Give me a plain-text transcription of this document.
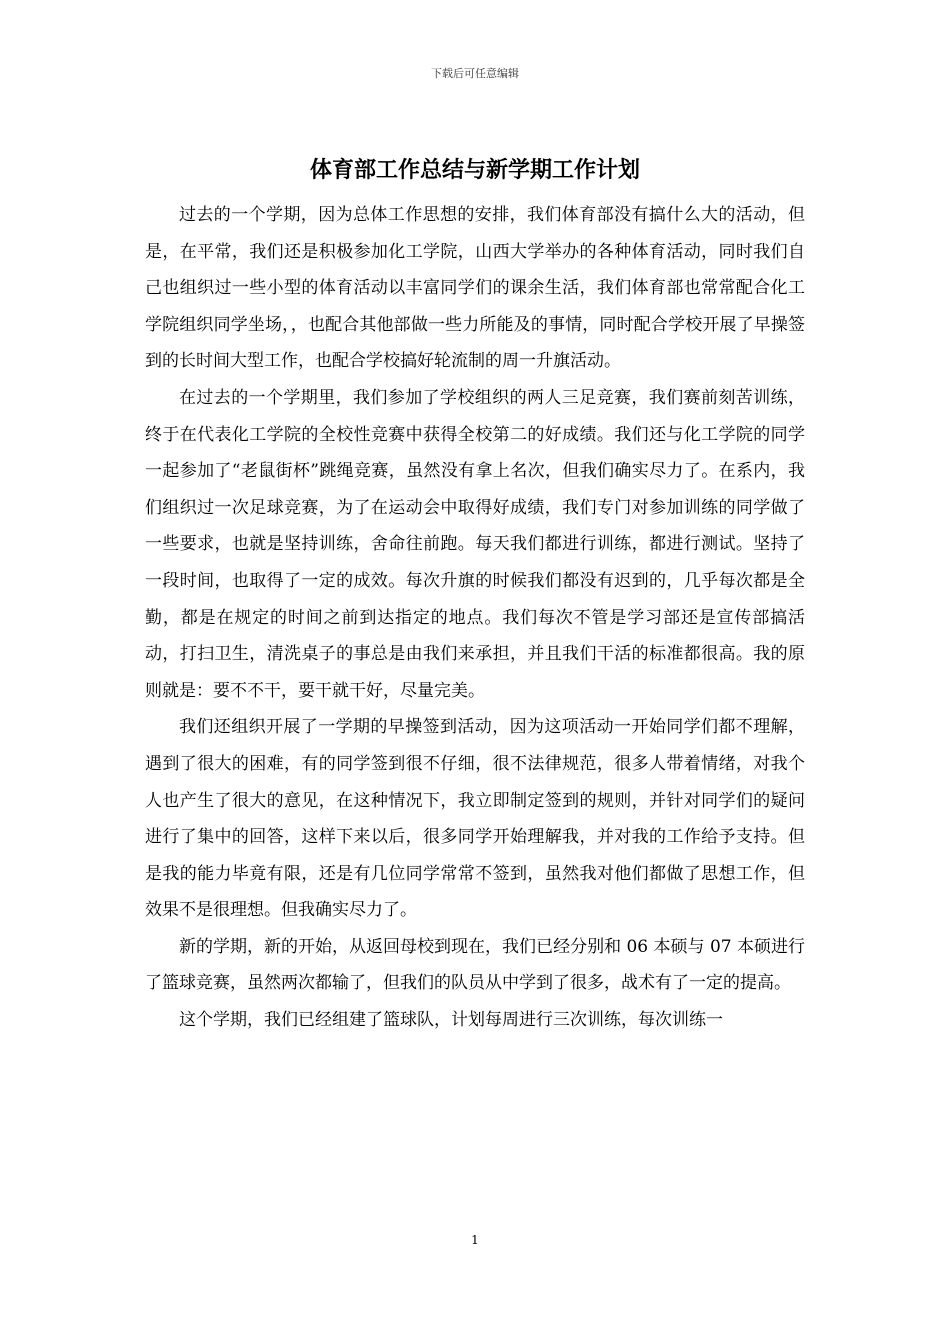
下载后可任意编辑
体育部工作总结与新学期工作计划

过去的一个学期，因为总体工作思想的安排，我们体育部没有搞什么大的活动，但是，在平常，我们还是积极参加化工学院，山西大学举办的各种体育活动，同时我们自己也组织过一些小型的体育活动以丰富同学们的课余生活，我们体育部也常常配合化工学院组织同学坐场，，也配合其他部做一些力所能及的事情，同时配合学校开展了早操签到的长时间大型工作，也配合学校搞好轮流制的周一升旗活动。

在过去的一个学期里，我们参加了学校组织的两人三足竞赛，我们赛前刻苦训练，终于在代表化工学院的全校性竞赛中获得全校第二的好成绩。我们还与化工学院的同学一起参加了“老鼠街杯”跳绳竞赛，虽然没有拿上名次，但我们确实尽力了。在系内，我们组织过一次足球竞赛，为了在运动会中取得好成绩，我们专门对参加训练的同学做了一些要求，也就是坚持训练，舍命往前跑。每天我们都进行训练，都进行测试。坚持了一段时间，也取得了一定的成效。每次升旗的时候我们都没有迟到的，几乎每次都是全勤，都是在规定的时间之前到达指定的地点。我们每次不管是学习部还是宣传部搞活动，打扫卫生，清洗桌子的事总是由我们来承担，并且我们干活的标准都很高。我的原则就是：要不不干，要干就干好，尽量完美。

我们还组织开展了一学期的早操签到活动，因为这项活动一开始同学们都不理解，遇到了很大的困难，有的同学签到很不仔细，很不法律规范，很多人带着情绪，对我个人也产生了很大的意见，在这种情况下，我立即制定签到的规则，并针对同学们的疑问进行了集中的回答，这样下来以后，很多同学开始理解我，并对我的工作给予支持。但是我的能力毕竟有限，还是有几位同学常常不签到，虽然我对他们都做了思想工作，但效果不是很理想。但我确实尽力了。

新的学期，新的开始，从返回母校到现在，我们已经分别和 06 本硕与 07 本硕进行了篮球竞赛，虽然两次都输了，但我们的队员从中学到了很多，战术有了一定的提高。

这个学期，我们已经组建了篮球队，计划每周进行三次训练，每次训练一

1
